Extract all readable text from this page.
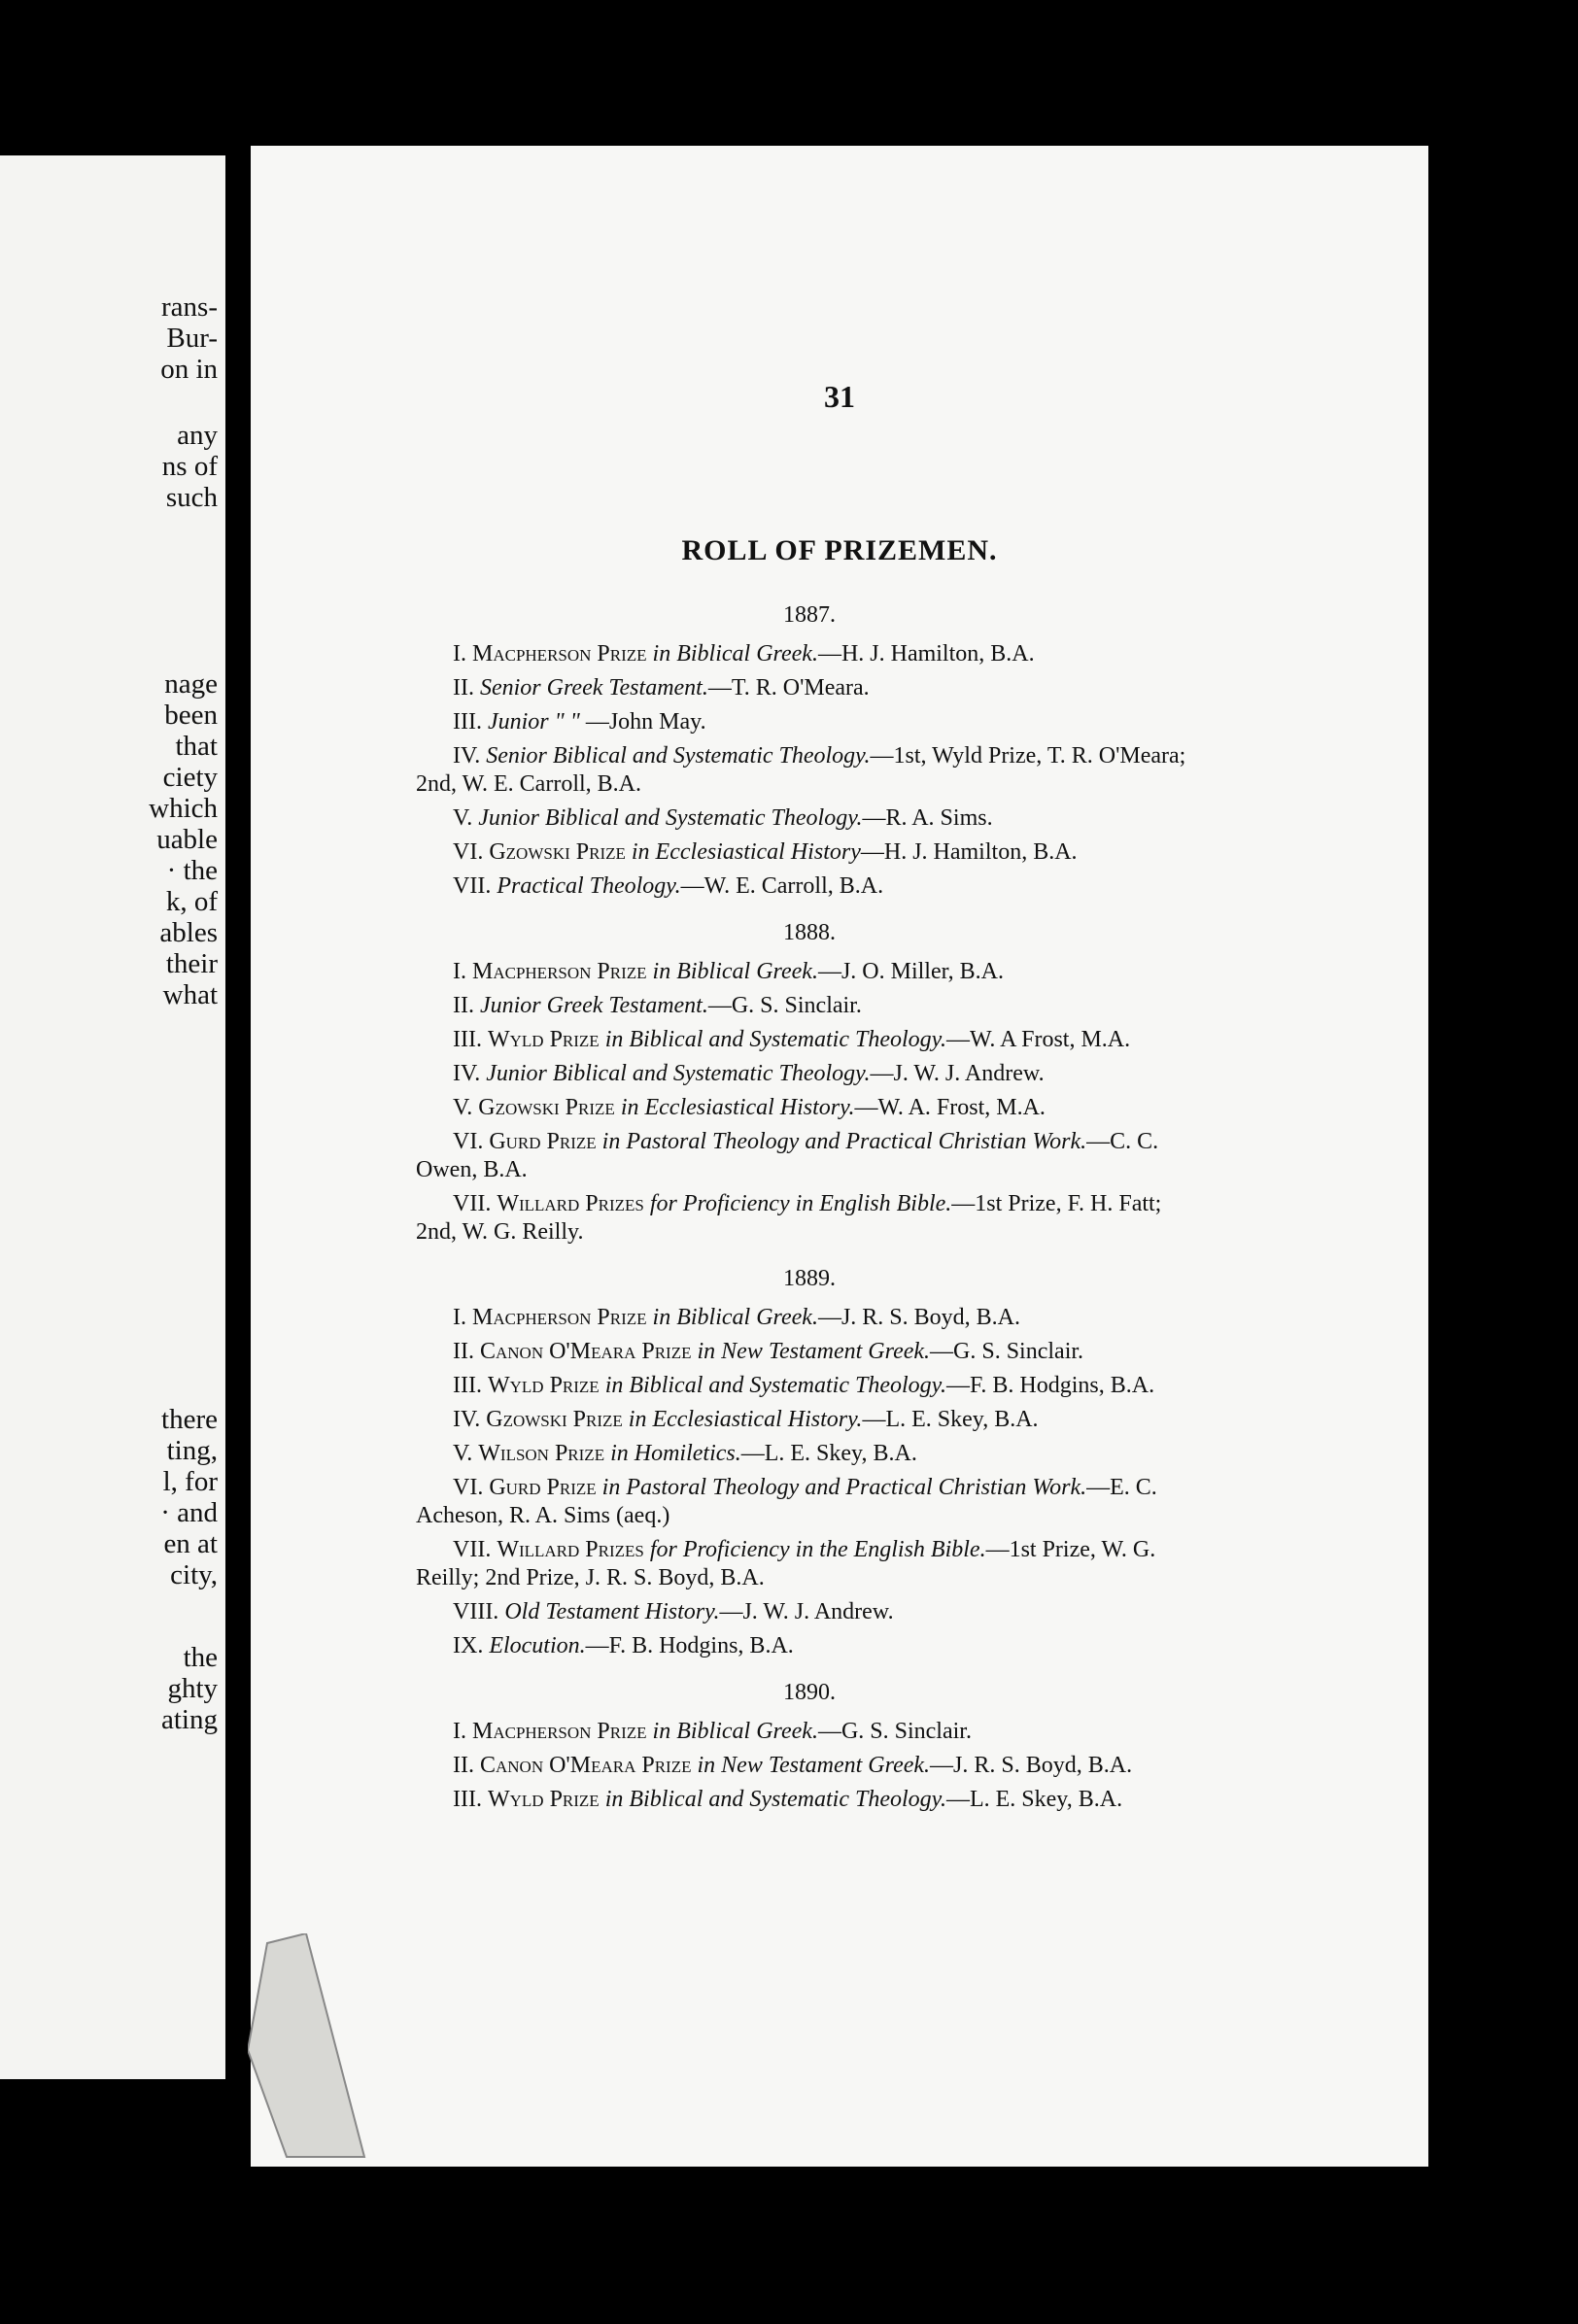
rans-
Bur-
on in
any
ns of
such
nage
been
that
ciety
which
uable
· the
k, of
ables
their
what
there
ting,
l, for
· and
en at
city,
the
ghty
ating
31
ROLL OF PRIZEMEN.
1887.
I. Macpherson Prize in Biblical Greek.—H. J. Hamilton, B.A.
II. Senior Greek Testament.—T. R. O'Meara.
III. Junior " " —John May.
IV. Senior Biblical and Systematic Theology.—1st, Wyld Prize, T. R. O'Meara; 2nd, W. E. Carroll, B.A.
V. Junior Biblical and Systematic Theology.—R. A. Sims.
VI. Gzowski Prize in Ecclesiastical History—H. J. Hamilton, B.A.
VII. Practical Theology.—W. E. Carroll, B.A.
1888.
I. Macpherson Prize in Biblical Greek.—J. O. Miller, B.A.
II. Junior Greek Testament.—G. S. Sinclair.
III. Wyld Prize in Biblical and Systematic Theology.—W. A Frost, M.A.
IV. Junior Biblical and Systematic Theology.—J. W. J. Andrew.
V. Gzowski Prize in Ecclesiastical History.—W. A. Frost, M.A.
VI. Gurd Prize in Pastoral Theology and Practical Christian Work.—C. C. Owen, B.A.
VII. Willard Prizes for Proficiency in English Bible.—1st Prize, F. H. Fatt; 2nd, W. G. Reilly.
1889.
I. Macpherson Prize in Biblical Greek.—J. R. S. Boyd, B.A.
II. Canon O'Meara Prize in New Testament Greek.—G. S. Sinclair.
III. Wyld Prize in Biblical and Systematic Theology.—F. B. Hodgins, B.A.
IV. Gzowski Prize in Ecclesiastical History.—L. E. Skey, B.A.
V. Wilson Prize in Homiletics.—L. E. Skey, B.A.
VI. Gurd Prize in Pastoral Theology and Practical Christian Work.—E. C. Acheson, R. A. Sims (aeq.)
VII. Willard Prizes for Proficiency in the English Bible.—1st Prize, W. G. Reilly; 2nd Prize, J. R. S. Boyd, B.A.
VIII. Old Testament History.—J. W. J. Andrew.
IX. Elocution.—F. B. Hodgins, B.A.
1890.
I. Macpherson Prize in Biblical Greek.—G. S. Sinclair.
II. Canon O'Meara Prize in New Testament Greek.—J. R. S. Boyd, B.A.
III. Wyld Prize in Biblical and Systematic Theology.—L. E. Skey, B.A.
